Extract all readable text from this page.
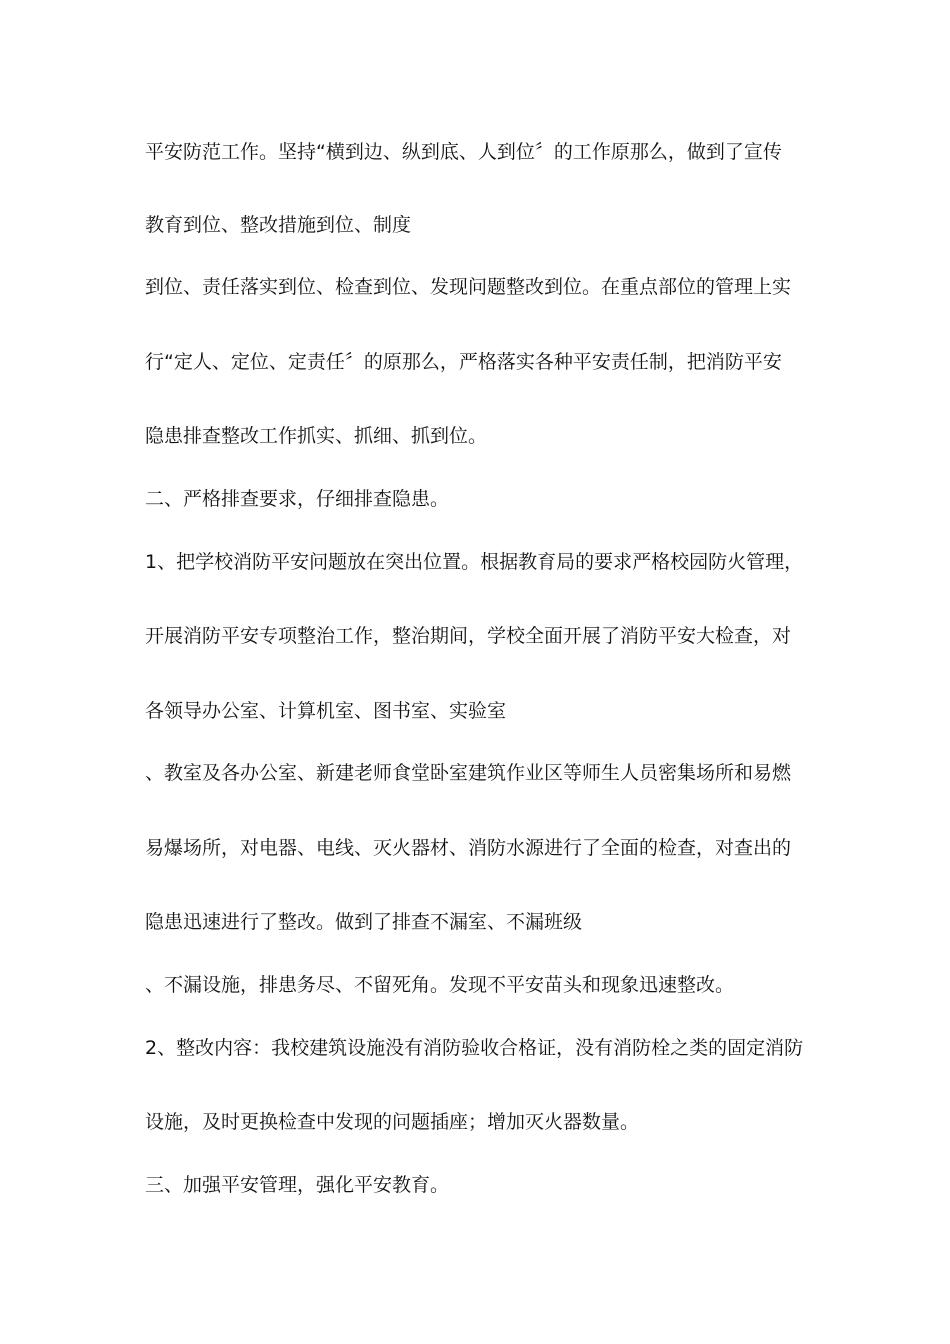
平安防范工作。坚持“横到边、纵到底、人到位〞的工作原那么，做到了宣传

教育到位、整改措施到位、制度

到位、责任落实到位、检查到位、发现问题整改到位。在重点部位的管理上实

行“定人、定位、定责任〞的原那么，严格落实各种平安责任制，把消防平安

隐患排查整改工作抓实、抓细、抓到位。

二、严格排查要求，仔细排查隐患。

1、把学校消防平安问题放在突出位置。根据教育局的要求严格校园防火管理，

开展消防平安专项整治工作，整治期间，学校全面开展了消防平安大检查，对

各领导办公室、计算机室、图书室、实验室

、教室及各办公室、新建老师食堂卧室建筑作业区等师生人员密集场所和易燃

易爆场所，对电器、电线、灭火器材、消防水源进行了全面的检查，对查出的

隐患迅速进行了整改。做到了排查不漏室、不漏班级

、不漏设施，排患务尽、不留死角。发现不平安苗头和现象迅速整改。

2、整改内容：我校建筑设施没有消防验收合格证，没有消防栓之类的固定消防

设施，及时更换检查中发现的问题插座；增加灭火器数量。

三、加强平安管理，强化平安教育。
